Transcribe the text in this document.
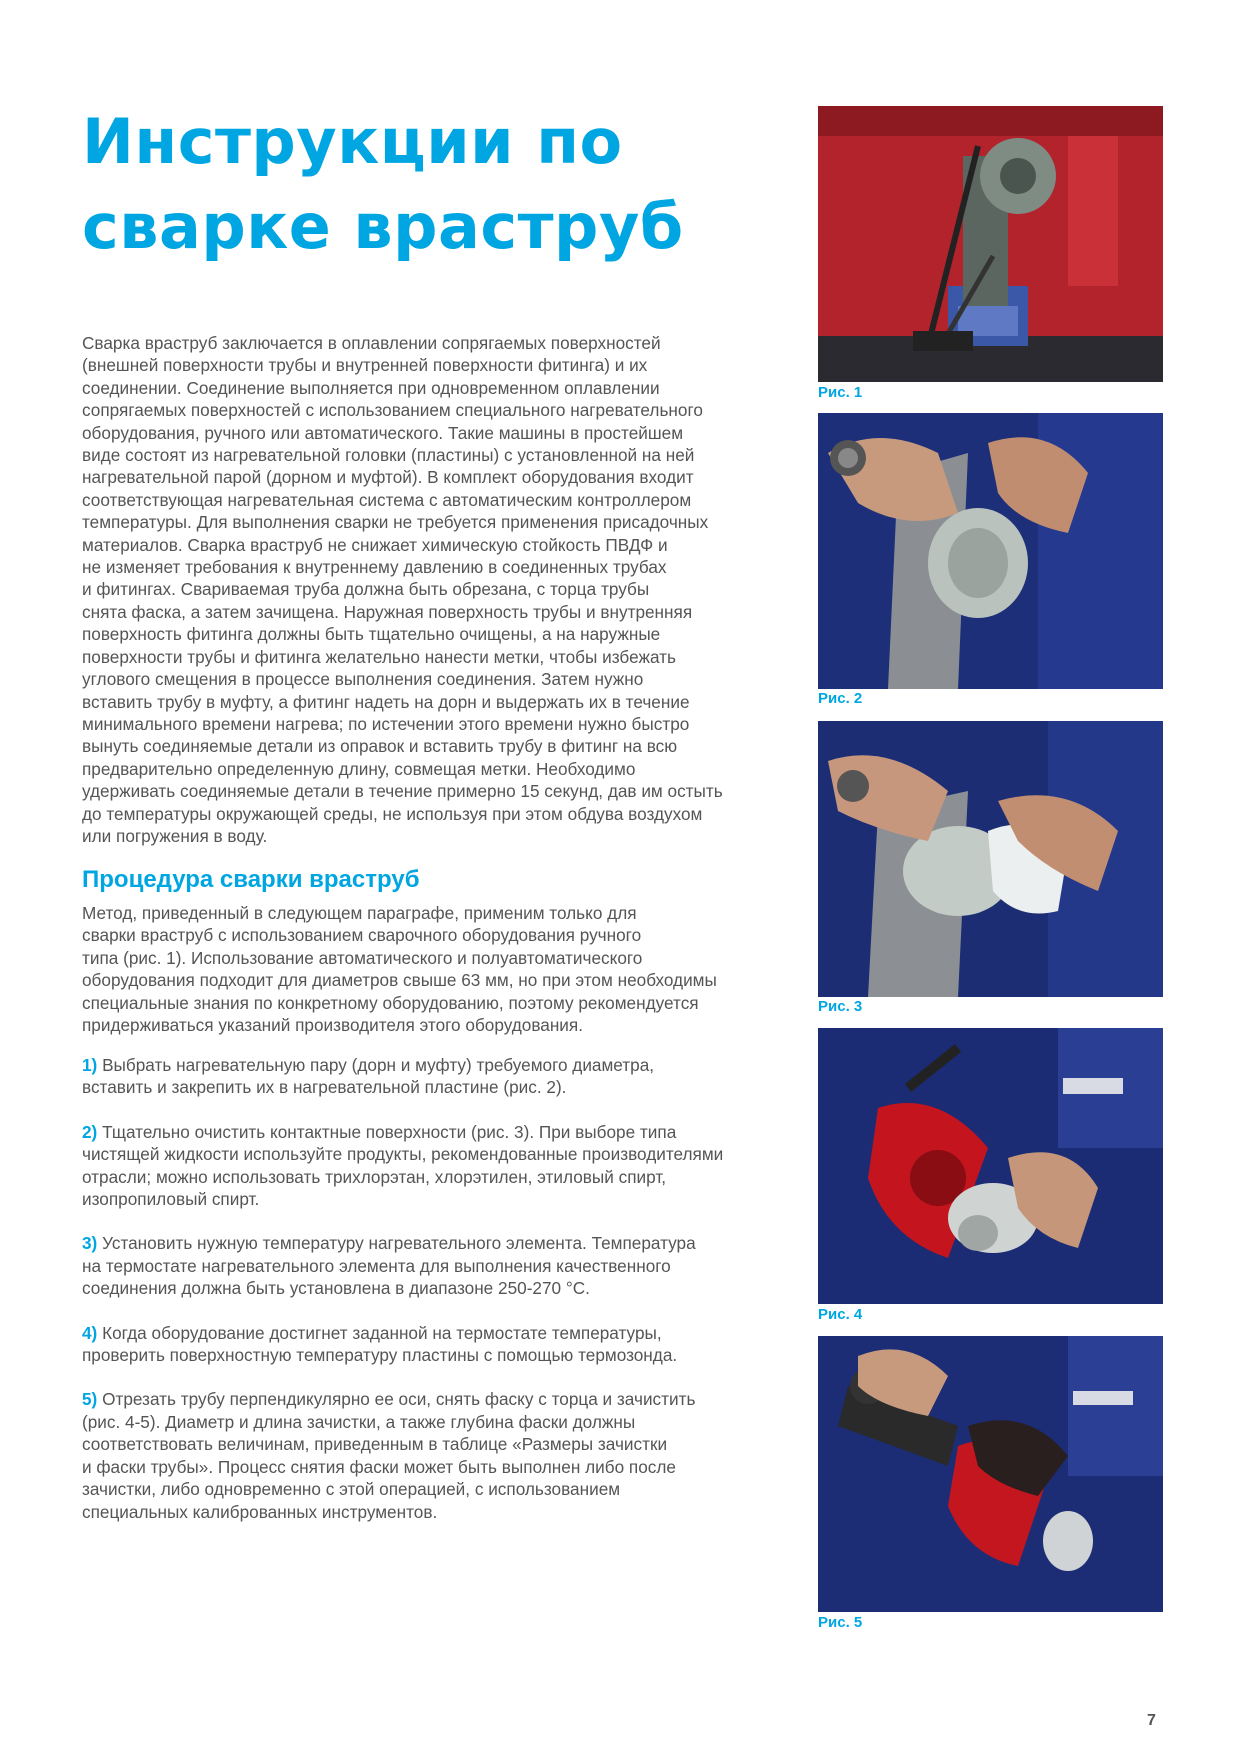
Инструкции по
сварке враструб

Сварка враструб заключается в оплавлении сопрягаемых поверхностей
(внешней поверхности трубы и внутренней поверхности фитинга) и их
соединении. Соединение выполняется при одновременном оплавлении
сопрягаемых поверхностей с использованием специального нагревательного
оборудования, ручного или автоматического. Такие машины в простейшем
виде состоят из нагревательной головки (пластины) с установленной на ней
нагревательной парой (дорном и муфтой). В комплект оборудования входит
соответствующая нагревательная система с автоматическим контроллером
температуры. Для выполнения сварки не требуется применения присадочных
материалов. Сварка враструб не снижает химическую стойкость ПВДФ и
не изменяет требования к внутреннему давлению в соединенных трубах
и фитингах. Свариваемая труба должна быть обрезана, с торца трубы
снята фаска, а затем зачищена. Наружная поверхность трубы и внутренняя
поверхность фитинга должны быть тщательно очищены, а на наружные
поверхности трубы и фитинга желательно нанести метки, чтобы избежать
углового смещения в процессе выполнения соединения. Затем нужно
вставить трубу в муфту, а фитинг надеть на дорн и выдержать их в течение
минимального времени нагрева; по истечении этого времени нужно быстро
вынуть соединяемые детали из оправок и вставить трубу в фитинг на всю
предварительно определенную длину, совмещая метки. Необходимо
удерживать соединяемые детали в течение примерно 15 секунд, дав им остыть
до температуры окружающей среды, не используя при этом обдува воздухом
или погружения в воду.

Процедура сварки враструб

Метод, приведенный в следующем параграфе, применим только для
сварки враструб с использованием сварочного оборудования ручного
типа (рис. 1). Использование автоматического и полуавтоматического
оборудования подходит для диаметров свыше 63 мм, но при этом необходимы
специальные знания по конкретному оборудованию, поэтому рекомендуется
придерживаться указаний производителя этого оборудования.

1) Выбрать нагревательную пару (дорн и муфту) требуемого диаметра,
вставить и закрепить их в нагревательной пластине (рис. 2).

2) Тщательно очистить контактные поверхности (рис. 3). При выборе типа
чистящей жидкости используйте продукты, рекомендованные производителями
отрасли; можно использовать трихлорэтан, хлорэтилен, этиловый спирт,
изопропиловый спирт.

3) Установить нужную температуру нагревательного элемента. Температура
на термостате нагревательного элемента для выполнения качественного
соединения должна быть установлена в диапазоне 250-270 °С.

4) Когда оборудование достигнет заданной на термостате температуры,
проверить поверхностную температуру пластины с помощью термозонда.

5) Отрезать трубу перпендикулярно ее оси, снять фаску с торца и зачистить
(рис. 4-5). Диаметр и длина зачистки, а также глубина фаски должны
соответствовать величинам, приведенным в таблице «Размеры зачистки
и фаски трубы». Процесс снятия фаски может быть выполнен либо после
зачистки, либо одновременно с этой операцией, с использованием
специальных калиброванных инструментов.

Рис. 1
Рис. 2
Рис. 3
Рис. 4
Рис. 5
7
